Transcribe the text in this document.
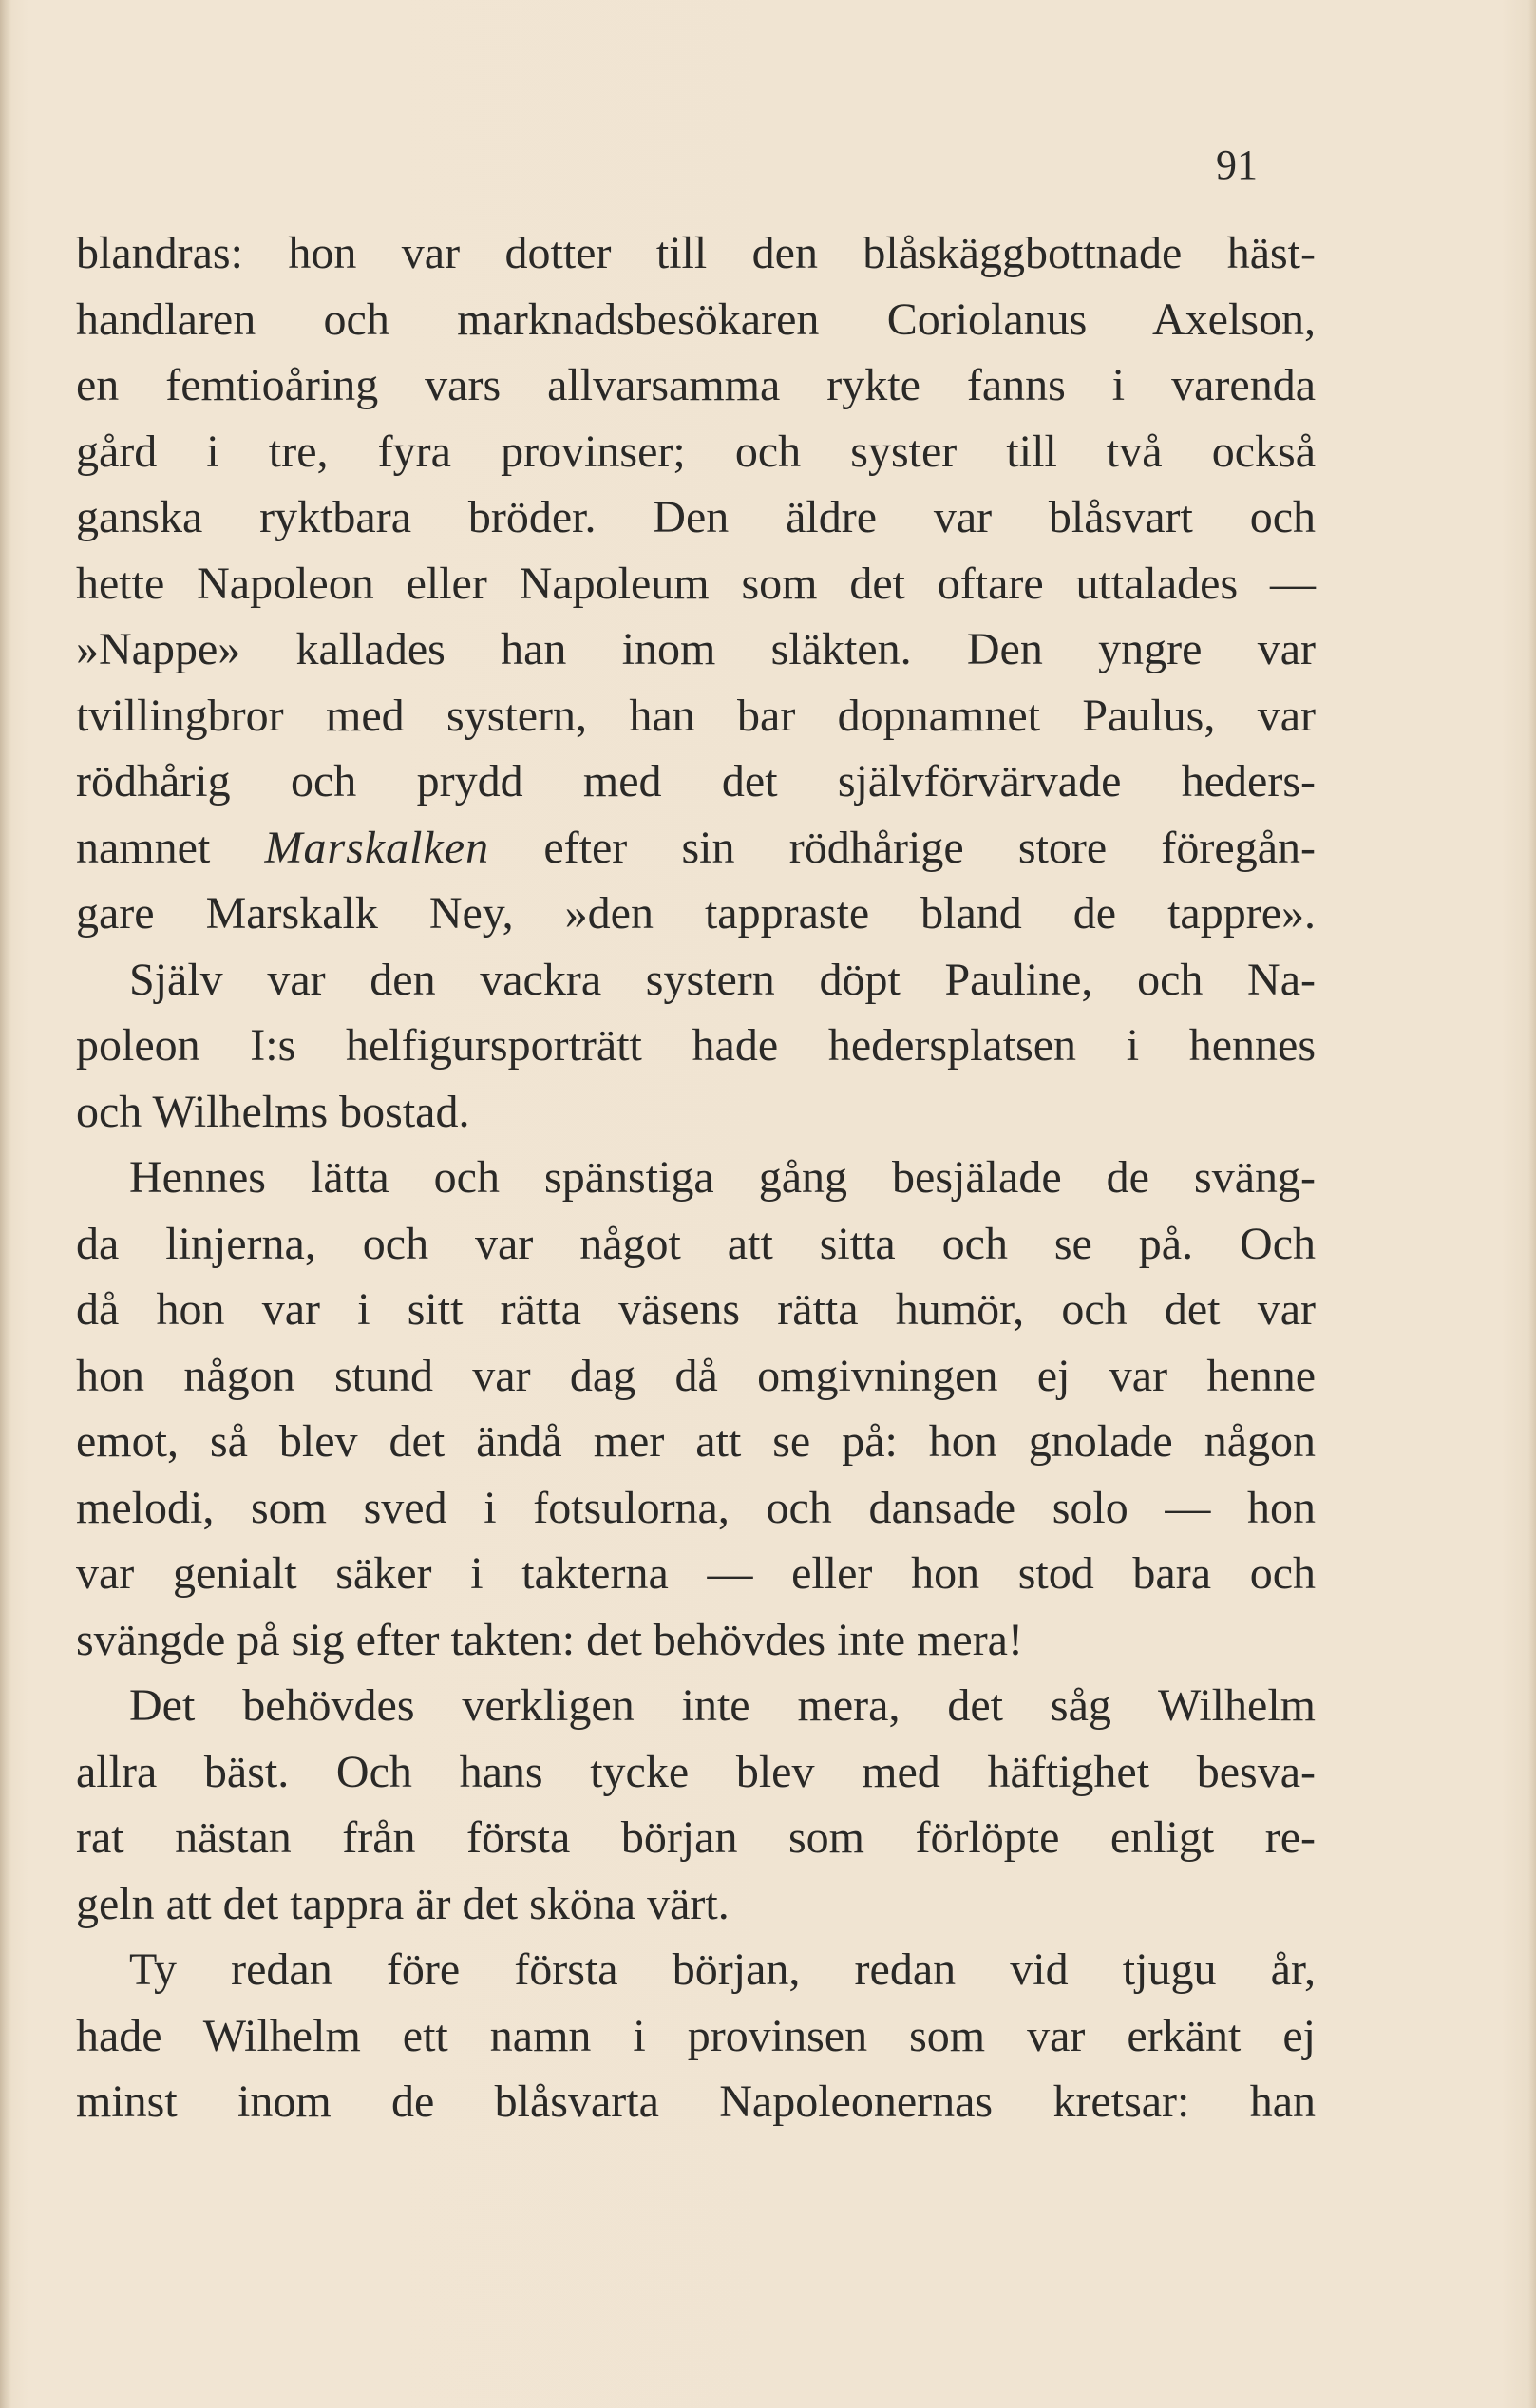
91
blandras: hon var dotter till den blåskäggbottnade häst-
handlaren och marknadsbesökaren Coriolanus Axelson,
en femtioåring vars allvarsamma rykte fanns i varenda
gård i tre, fyra provinser; och syster till två också
ganska ryktbara bröder. Den äldre var blåsvart och
hette Napoleon eller Napoleum som det oftare uttalades —
»Nappe» kallades han inom släkten. Den yngre var
tvillingbror med systern, han bar dopnamnet Paulus, var
rödhårig och prydd med det självförvärvade heders-
namnet Marskalken efter sin rödhårige store föregån-
gare Marskalk Ney, »den tappraste bland de tappre».
Själv var den vackra systern döpt Pauline, och Na-
poleon I:s helfigursporträtt hade hedersplatsen i hennes
och Wilhelms bostad.
Hennes lätta och spänstiga gång besjälade de sväng-
da linjerna, och var något att sitta och se på. Och
då hon var i sitt rätta väsens rätta humör, och det var
hon någon stund var dag då omgivningen ej var henne
emot, så blev det ändå mer att se på: hon gnolade någon
melodi, som sved i fotsulorna, och dansade solo — hon
var genialt säker i takterna — eller hon stod bara och
svängde på sig efter takten: det behövdes inte mera!
Det behövdes verkligen inte mera, det såg Wilhelm
allra bäst. Och hans tycke blev med häftighet besva-
rat nästan från första början som förlöpte enligt re-
geln att det tappra är det sköna värt.
Ty redan före första början, redan vid tjugu år,
hade Wilhelm ett namn i provinsen som var erkänt ej
minst inom de blåsvarta Napoleonernas kretsar: han
